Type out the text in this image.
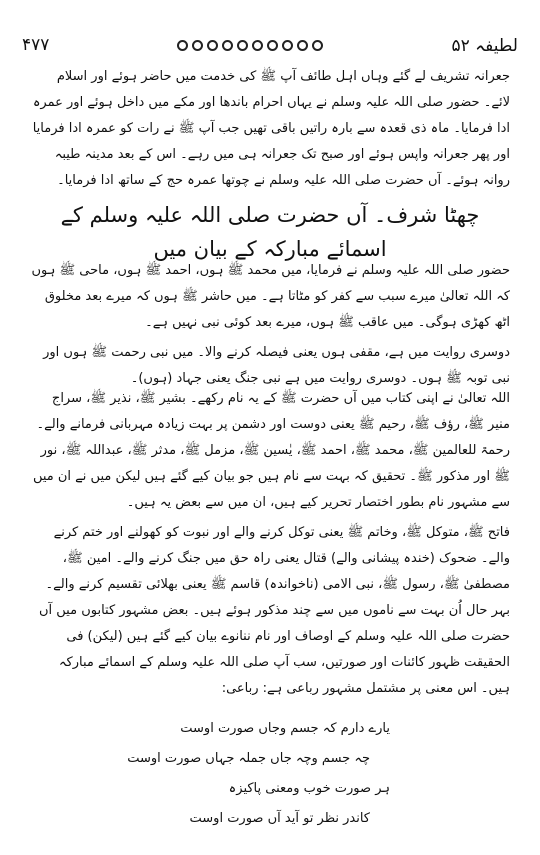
۴۷۷	لطیفہ ۵۲

جعرانہ تشریف لے گئے وہاں اہل طائف آپ ﷺ کی خدمت میں حاضر ہوئے اور اسلام لائے۔ حضور صلی اللہ علیہ وسلم نے یہاں احرام باندھا اور مکے میں داخل ہوئے اور عمرہ ادا فرمایا۔ ماہ ذی قعدہ سے بارہ راتیں باقی تھیں جب آپ ﷺ نے رات کو عمرہ ادا فرمایا اور پھر جعرانہ واپس ہوئے اور صبح تک جعرانہ ہی میں رہے۔ اس کے بعد مدینہ طیبہ روانہ ہوئے۔ آں حضرت صلی اللہ علیہ وسلم نے چوتھا عمرہ حج کے ساتھ ادا فرمایا۔

چھٹا شرف۔ آں حضرت صلی اللہ علیہ وسلم کے اسمائے مبارکہ کے بیان میں

حضور صلی اللہ علیہ وسلم نے فرمایا، میں محمد ﷺ ہوں، احمد ﷺ ہوں، ماحی ﷺ ہوں کہ اللہ تعالیٰ میرے سبب سے کفر کو مٹاتا ہے۔ میں حاشر ﷺ ہوں کہ میرے بعد مخلوق اٹھ کھڑی ہوگی۔ میں عاقب ﷺ ہوں، میرے بعد کوئی نبی نہیں ہے۔

دوسری روایت میں ہے، مقفی ہوں یعنی فیصلہ کرنے والا۔ میں نبی رحمت ﷺ ہوں اور نبی توبہ ﷺ ہوں۔ دوسری روایت میں ہے نبی جنگ یعنی جہاد (ہوں)۔

اللہ تعالیٰ نے اپنی کتاب میں آں حضرت ﷺ کے یہ نام رکھے۔ بشیر ﷺ، نذیر ﷺ، سراج منیر ﷺ، رؤف ﷺ، رحیم ﷺ یعنی دوست اور دشمن پر بہت زیادہ مہربانی فرمانے والے۔ رحمۃ للعالمین ﷺ، محمد ﷺ، احمد ﷺ، یٰسین ﷺ، مزمل ﷺ، مدثر ﷺ، عبداللہ ﷺ، نور ﷺ اور مذکور ﷺ۔ تحقیق کہ بہت سے نام ہیں جو بیان کیے گئے ہیں لیکن میں نے ان میں سے مشہور نام بطور اختصار تحریر کیے ہیں، ان میں سے بعض یہ ہیں۔

فاتح ﷺ، متوکل ﷺ، وخاتم ﷺ یعنی توکل کرنے والے اور نبوت کو کھولنے اور ختم کرنے والے۔ ضحوک (خندہ پیشانی والے) قتال یعنی راہ حق میں جنگ کرنے والے۔ امین ﷺ، مصطفیٰ ﷺ، رسول ﷺ، نبی الامی (ناخواندہ) قاسم ﷺ یعنی بھلائی تقسیم کرنے والے۔ بہر حال اُن بہت سے ناموں میں سے چند مذکور ہوئے ہیں۔ بعض مشہور کتابوں میں آں حضرت صلی اللہ علیہ وسلم کے اوصاف اور نام ننانوے بیان کیے گئے ہیں (لیکن) فی الحقیقت ظہور کائنات اور صورتیں، سب آپ صلی اللہ علیہ وسلم کے اسمائے مبارکہ ہیں۔ اس معنی پر مشتمل مشہور رباعی ہے: رباعی:

یارے دارم کہ جسم وجاں صورت اوست
چہ جسم وچہ جاں جملہ جہاں صورت اوست
ہر صورت خوب ومعنی پاکیزہ
کاندر نظر تو آید آں صورت اوست
